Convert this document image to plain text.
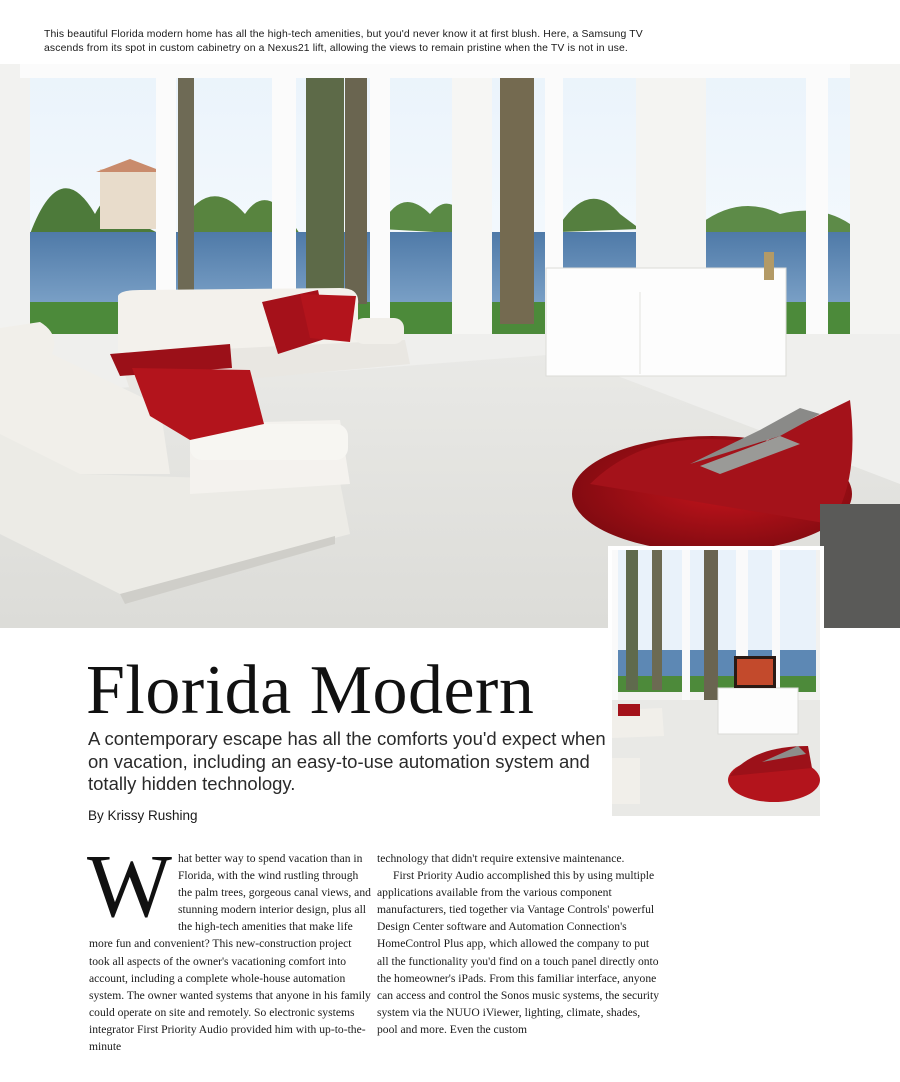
This beautiful Florida modern home has all the high-tech amenities, but you'd never know it at first blush. Here, a Samsung TV ascends from its spot in custom cabinetry on a Nexus21 lift, allowing the views to remain pristine when the TV is not in use.
Florida Modern
A contemporary escape has all the comforts you'd expect when on vacation, including an easy-to-use automation system and totally hidden technology.
By Krissy Rushing

What better way to spend vacation than in Florida, with the wind rustling through the palm trees, gorgeous canal views, and stunning modern interior design, plus all the high-tech amenities that make life more fun and convenient? This new-construction project took all aspects of the owner's vacationing comfort into account, including a complete whole-house automation system. The owner wanted systems that anyone in his family could operate on site and remotely. So electronic systems integrator First Priority Audio provided him with up-to-the-minute

technology that didn't require extensive maintenance.

First Priority Audio accomplished this by using multiple applications available from the various component manufacturers, tied together via Vantage Controls' powerful Design Center software and Automation Connection's HomeControl Plus app, which allowed the company to put all the functionality you'd find on a touch panel directly onto the homeowner's iPads. From this familiar interface, anyone can access and control the Sonos music systems, the security system via the NUUO iViewer, lighting, climate, shades, pool and more. Even the custom
